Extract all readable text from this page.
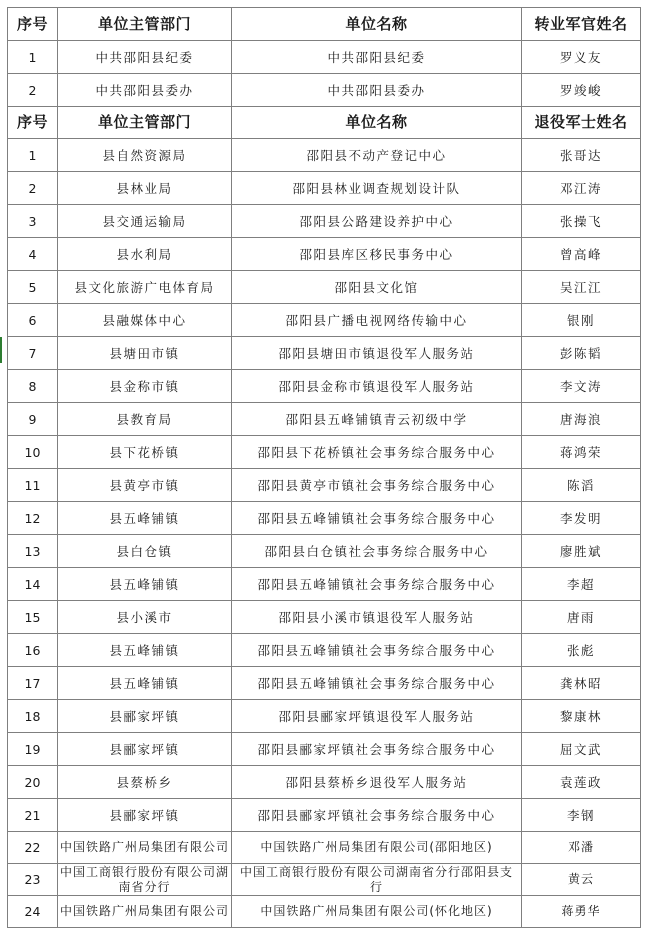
序号	单位主管部门	单位名称	转业军官姓名
1	中共邵阳县纪委	中共邵阳县纪委	罗义友
2	中共邵阳县委办	中共邵阳县委办	罗竣峻
序号	单位主管部门	单位名称	退役军士姓名
1	县自然资源局	邵阳县不动产登记中心	张哥达
2	县林业局	邵阳县林业调查规划设计队	邓江涛
3	县交通运输局	邵阳县公路建设养护中心	张操飞
4	县水利局	邵阳县库区移民事务中心	曾高峰
5	县文化旅游广电体育局	邵阳县文化馆	吴江江
6	县融媒体中心	邵阳县广播电视网络传输中心	银刚
7	县塘田市镇	邵阳县塘田市镇退役军人服务站	彭陈韬
8	县金称市镇	邵阳县金称市镇退役军人服务站	李文涛
9	县教育局	邵阳县五峰铺镇青云初级中学	唐海浪
10	县下花桥镇	邵阳县下花桥镇社会事务综合服务中心	蒋鸿荣
11	县黄亭市镇	邵阳县黄亭市镇社会事务综合服务中心	陈滔
12	县五峰铺镇	邵阳县五峰铺镇社会事务综合服务中心	李发明
13	县白仓镇	邵阳县白仓镇社会事务综合服务中心	廖胜斌
14	县五峰铺镇	邵阳县五峰铺镇社会事务综合服务中心	李超
15	县小溪市	邵阳县小溪市镇退役军人服务站	唐雨
16	县五峰铺镇	邵阳县五峰铺镇社会事务综合服务中心	张彪
17	县五峰铺镇	邵阳县五峰铺镇社会事务综合服务中心	龚林昭
18	县郦家坪镇	邵阳县郦家坪镇退役军人服务站	黎康林
19	县郦家坪镇	邵阳县郦家坪镇社会事务综合服务中心	屈文武
20	县蔡桥乡	邵阳县蔡桥乡退役军人服务站	袁莲政
21	县郦家坪镇	邵阳县郦家坪镇社会事务综合服务中心	李钢
22	中国铁路广州局集团有限公司	中国铁路广州局集团有限公司(邵阳地区)	邓潘
23	中国工商银行股份有限公司湖南省分行	中国工商银行股份有限公司湖南省分行邵阳县支行	黄云
24	中国铁路广州局集团有限公司	中国铁路广州局集团有限公司(怀化地区)	蒋勇华
